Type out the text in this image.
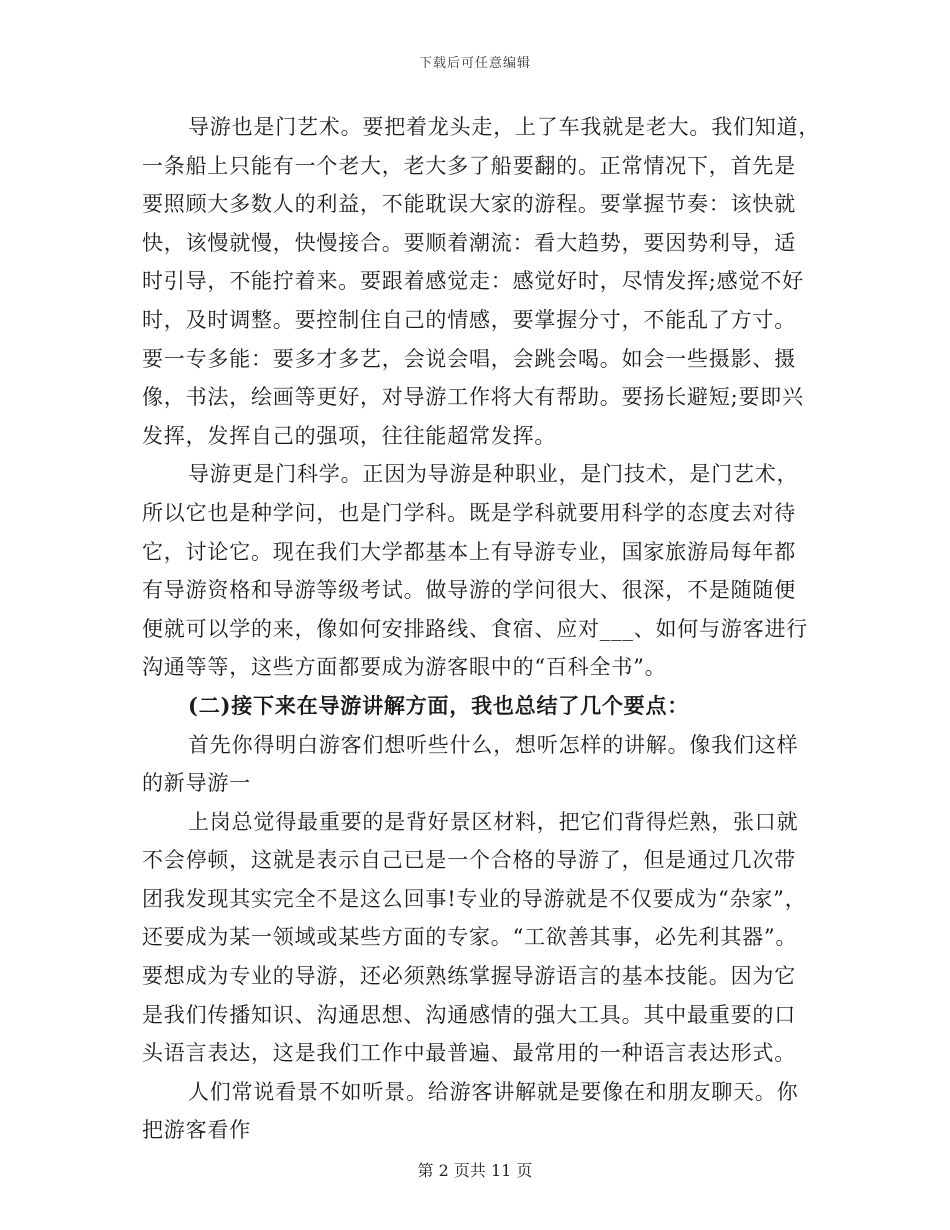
下载后可任意编辑
导游也是门艺术。要把着龙头走，上了车我就是老大。我们知道，
一条船上只能有一个老大，老大多了船要翻的。正常情况下，首先是
要照顾大多数人的利益，不能耽误大家的游程。要掌握节奏：该快就
快，该慢就慢，快慢接合。要顺着潮流：看大趋势，要因势利导，适
时引导，不能拧着来。要跟着感觉走：感觉好时，尽情发挥;感觉不好
时，及时调整。要控制住自己的情感，要掌握分寸，不能乱了方寸。
要一专多能：要多才多艺，会说会唱，会跳会喝。如会一些摄影、摄
像，书法，绘画等更好，对导游工作将大有帮助。要扬长避短;要即兴
发挥，发挥自己的强项，往往能超常发挥。
导游更是门科学。正因为导游是种职业，是门技术，是门艺术，
所以它也是种学问，也是门学科。既是学科就要用科学的态度去对待
它，讨论它。现在我们大学都基本上有导游专业，国家旅游局每年都
有导游资格和导游等级考试。做导游的学问很大、很深，不是随随便
便就可以学的来，像如何安排路线、食宿、应对___、如何与游客进行
沟通等等，这些方面都要成为游客眼中的“百科全书”。
(二)接下来在导游讲解方面，我也总结了几个要点：
首先你得明白游客们想听些什么，想听怎样的讲解。像我们这样
的新导游一
上岗总觉得最重要的是背好景区材料，把它们背得烂熟，张口就
不会停顿，这就是表示自己已是一个合格的导游了，但是通过几次带
团我发现其实完全不是这么回事!专业的导游就是不仅要成为“杂家”，
还要成为某一领域或某些方面的专家。“工欲善其事，必先利其器”。
要想成为专业的导游，还必须熟练掌握导游语言的基本技能。因为它
是我们传播知识、沟通思想、沟通感情的强大工具。其中最重要的口
头语言表达，这是我们工作中最普遍、最常用的一种语言表达形式。
人们常说看景不如听景。给游客讲解就是要像在和朋友聊天。你
把游客看作
第 2 页共 11 页
